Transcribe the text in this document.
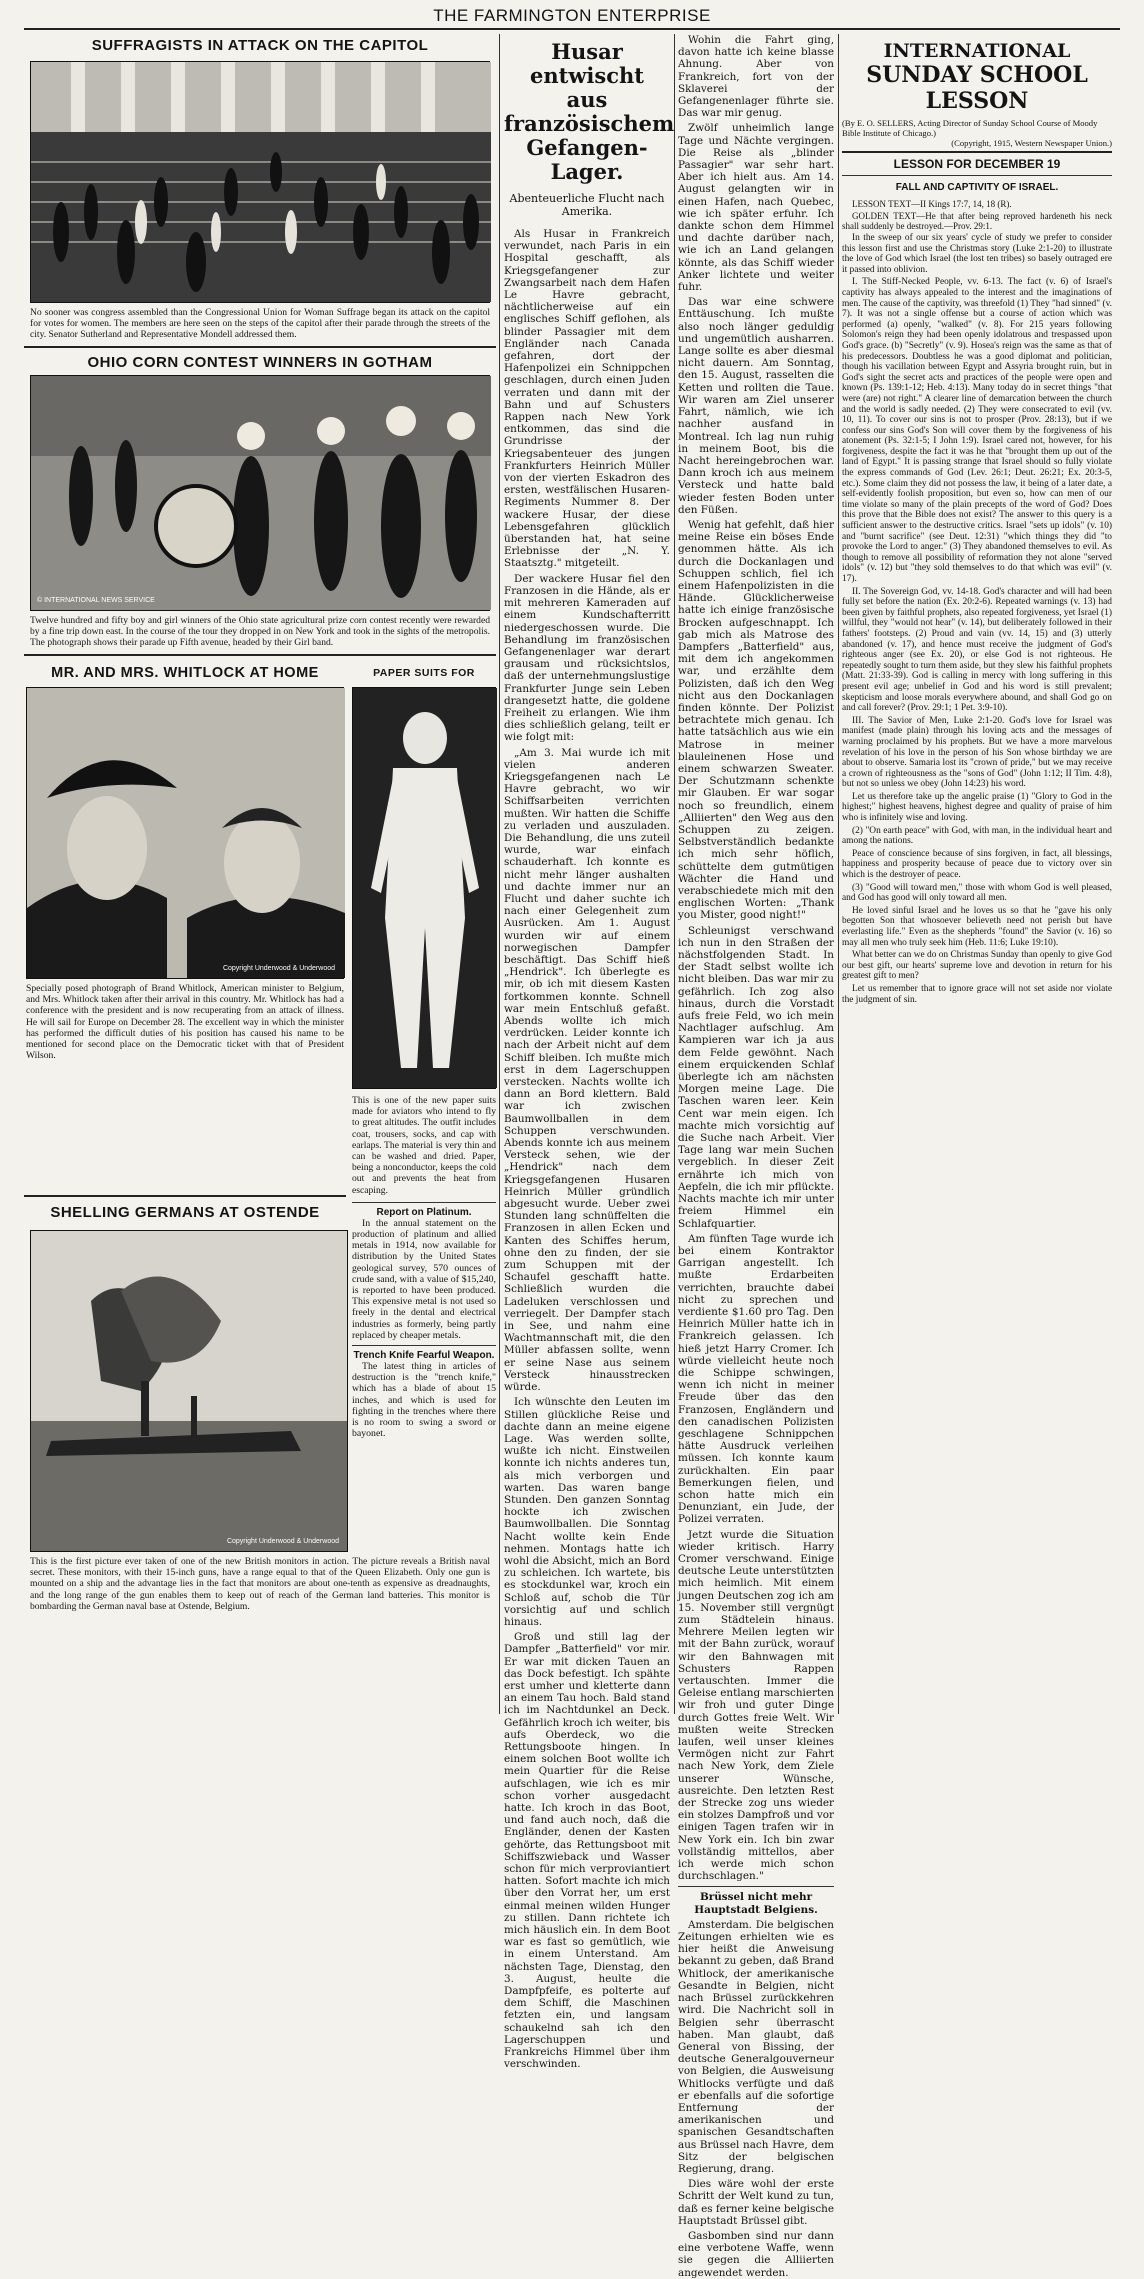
THE FARMINGTON ENTERPRISE
SUFFRAGISTS IN ATTACK ON THE CAPITOL
No sooner was congress assembled than the Congressional Union for Woman Suffrage began its attack on the capitol for votes for women. The members are here seen on the steps of the capitol after their parade through the streets of the city. Senator Sutherland and Representative Mondell addressed them.
OHIO CORN CONTEST WINNERS IN GOTHAM
© INTERNATIONAL NEWS SERVICE
Twelve hundred and fifty boy and girl winners of the Ohio state agricultural prize corn contest recently were rewarded by a fine trip down east. In the course of the tour they dropped in on New York and took in the sights of the metropolis. The photograph shows their parade up Fifth avenue, headed by their Girl band.
MR. AND MRS. WHITLOCK AT HOME
Copyright Underwood & Underwood
Specially posed photograph of Brand Whitlock, American minister to Belgium, and Mrs. Whitlock taken after their arrival in this country. Mr. Whitlock has had a conference with the president and is now recuperating from an attack of illness. He will sail for Europe on December 28. The excellent way in which the minister has performed the difficult duties of his position has caused his name to be mentioned for second place on the Democratic ticket with that of President Wilson.
PAPER SUITS FOR
This is one of the new paper suits made for aviators who intend to fly to great altitudes. The outfit includes coat, trousers, socks, and cap with earlaps. The material is very thin and can be washed and dried. Paper, being a nonconductor, keeps the cold out and prevents the heat from escaping.
Report on Platinum.
In the annual statement on the production of platinum and allied metals in 1914, now available for distribution by the United States geological survey, 570 ounces of crude sand, with a value of $15,240, is reported to have been produced. This expensive metal is not used so freely in the dental and electrical industries as formerly, being partly replaced by cheaper metals.
Trench Knife Fearful Weapon.
The latest thing in articles of destruction is the "trench knife," which has a blade of about 15 inches, and which is used for fighting in the trenches where there is no room to swing a sword or bayonet.
SHELLING GERMANS AT OSTENDE
Copyright Underwood & Underwood
This is the first picture ever taken of one of the new British monitors in action. The picture reveals a British naval secret. These monitors, with their 15-inch guns, have a range equal to that of the Queen Elizabeth. Only one gun is mounted on a ship and the advantage lies in the fact that monitors are about one-tenth as expensive as dreadnaughts, and the long range of the gun enables them to keep out of reach of the German land batteries. This monitor is bombarding the German naval base at Ostende, Belgium.
Husar entwischt
aus französischem
Gefangen-Lager.
Abenteuerliche Flucht nach Amerika.

Als Husar in Frankreich verwundet, nach Paris in ein Hospital geschafft, als Kriegsgefangener zur Zwangsarbeit nach dem Hafen Le Havre gebracht, nächtlicherweise auf ein englisches Schiff geflohen, als blinder Passagier mit dem Engländer nach Canada gefahren, dort der Hafenpolizei ein Schnippchen geschlagen, durch einen Juden verraten und dann mit der Bahn und auf Schusters Rappen nach New York entkommen, das sind die Grundrisse der Kriegsabenteuer des jungen Frankfurters Heinrich Müller von der vierten Eskadron des ersten, westfälischen Husaren-Regiments Nummer 8. Der wackere Husar, der diese Lebensgefahren glücklich überstanden hat, hat seine Erlebnisse der „N. Y. Staatsztg." mitgeteilt.

Der wackere Husar fiel den Franzosen in die Hände, als er mit mehreren Kameraden auf einem Kundschafterritt niedergeschossen wurde. Die Behandlung im französischen Gefangenenlager war derart grausam und rücksichtslos, daß der unternehmungslustige Frankfurter Junge sein Leben drangesetzt hatte, die goldene Freiheit zu erlangen. Wie ihm dies schließlich gelang, teilt er wie folgt mit:

„Am 3. Mai wurde ich mit vielen anderen Kriegsgefangenen nach Le Havre gebracht, wo wir Schiffsarbeiten verrichten mußten. Wir hatten die Schiffe zu verladen und auszuladen. Die Behandlung, die uns zuteil wurde, war einfach schauderhaft. Ich konnte es nicht mehr länger aushalten und dachte immer nur an Flucht und daher suchte ich nach einer Gelegenheit zum Ausrücken. Am 1. August wurden wir auf einem norwegischen Dampfer beschäftigt. Das Schiff hieß „Hendrick". Ich überlegte es mir, ob ich mit diesem Kasten fortkommen konnte. Schnell war mein Entschluß gefaßt. Abends wollte ich mich verdrücken. Leider konnte ich nach der Arbeit nicht auf dem Schiff bleiben. Ich mußte mich erst in dem Lagerschuppen verstecken. Nachts wollte ich dann an Bord klettern. Bald war ich zwischen Baumwollballen in dem Schuppen verschwunden. Abends konnte ich aus meinem Versteck sehen, wie der „Hendrick" nach dem Kriegsgefangenen Husaren Heinrich Müller gründlich abgesucht wurde. Ueber zwei Stunden lang schnüffelten die Franzosen in allen Ecken und Kanten des Schiffes herum, ohne den zu finden, der sie zum Schuppen mit der Schaufel geschafft hatte. Schließlich wurden die Ladeluken verschlossen und verriegelt. Der Dampfer stach in See, und nahm eine Wachtmannschaft mit, die den Müller abfassen sollte, wenn er seine Nase aus seinem Versteck hinausstrecken würde.

Ich wünschte den Leuten im Stillen glückliche Reise und dachte dann an meine eigene Lage. Was werden sollte, wußte ich nicht. Einstweilen konnte ich nichts anderes tun, als mich verborgen und warten. Das waren bange Stunden. Den ganzen Sonntag hockte ich zwischen Baumwollballen. Die Sonntag Nacht wollte kein Ende nehmen. Montags hatte ich wohl die Absicht, mich an Bord zu schleichen. Ich wartete, bis es stockdunkel war, kroch ein Schloß auf, schob die Tür vorsichtig auf und schlich hinaus.

Groß und still lag der Dampfer „Batterfield" vor mir. Er war mit dicken Tauen an das Dock befestigt. Ich spähte erst umher und kletterte dann an einem Tau hoch. Bald stand ich im Nachtdunkel an Deck. Gefährlich kroch ich weiter, bis aufs Oberdeck, wo die Rettungsboote hingen. In einem solchen Boot wollte ich mein Quartier für die Reise aufschlagen, wie ich es mir schon vorher ausgedacht hatte. Ich kroch in das Boot, und fand auch noch, daß die Engländer, denen der Kasten gehörte, das Rettungsboot mit Schiffszwieback und Wasser schon für mich verproviantiert hatten. Sofort machte ich mich über den Vorrat her, um erst einmal meinen wilden Hunger zu stillen. Dann richtete ich mich häuslich ein. In dem Boot war es fast so gemütlich, wie in einem Unterstand. Am nächsten Tage, Dienstag, den 3. August, heulte die Dampfpfeife, es polterte auf dem Schiff, die Maschinen fetzten ein, und langsam schaukelnd sah ich den Lagerschuppen und Frankreichs Himmel über ihm verschwinden.

Wohin die Fahrt ging, davon hatte ich keine blasse Ahnung. Aber von Frankreich, fort von der Sklaverei der Gefangenenlager führte sie. Das war mir genug.

Zwölf unheimlich lange Tage und Nächte vergingen. Die Reise als „blinder Passagier" war sehr hart. Aber ich hielt aus. Am 14. August gelangten wir in einen Hafen, nach Quebec, wie ich später erfuhr. Ich dankte schon dem Himmel und dachte darüber nach, wie ich an Land gelangen könnte, als das Schiff wieder Anker lichtete und weiter fuhr.

Das war eine schwere Enttäuschung. Ich mußte also noch länger geduldig und ungemütlich ausharren. Lange sollte es aber diesmal nicht dauern. Am Sonntag, den 15. August, rasselten die Ketten und rollten die Taue. Wir waren am Ziel unserer Fahrt, nämlich, wie ich nachher ausfand in Montreal. Ich lag nun ruhig in meinem Boot, bis die Nacht hereingebrochen war. Dann kroch ich aus meinem Versteck und hatte bald wieder festen Boden unter den Füßen.

Wenig hat gefehlt, daß hier meine Reise ein böses Ende genommen hätte. Als ich durch die Dockanlagen und Schuppen schlich, fiel ich einem Hafenpolizisten in die Hände. Glücklicherweise hatte ich einige französische Brocken aufgeschnappt. Ich gab mich als Matrose des Dampfers „Batterfield" aus, mit dem ich angekommen war, und erzählte dem Polizisten, daß ich den Weg nicht aus den Dockanlagen finden könnte. Der Polizist betrachtete mich genau. Ich hatte tatsächlich aus wie ein Matrose in meiner blauleinenen Hose und einem schwarzen Sweater. Der Schutzmann schenkte mir Glauben. Er war sogar noch so freundlich, einem „Alliierten" den Weg aus den Schuppen zu zeigen. Selbstverständlich bedankte ich mich sehr höflich, schüttelte dem gutmütigen Wächter die Hand und verabschiedete mich mit den englischen Worten: „Thank you Mister, good night!"

Schleunigst verschwand ich nun in den Straßen der nächstfolgenden Stadt. In der Stadt selbst wollte ich nicht bleiben. Das war mir zu gefährlich. Ich zog also hinaus, durch die Vorstadt aufs freie Feld, wo ich mein Nachtlager aufschlug. Am Kampieren war ich ja aus dem Felde gewöhnt. Nach einem erquickenden Schlaf überlegte ich am nächsten Morgen meine Lage. Die Taschen waren leer. Kein Cent war mein eigen. Ich machte mich vorsichtig auf die Suche nach Arbeit. Vier Tage lang war mein Suchen vergeblich. In dieser Zeit ernährte ich mich von Aepfeln, die ich mir pflückte. Nachts machte ich mir unter freiem Himmel ein Schlafquartier.

Am fünften Tage wurde ich bei einem Kontraktor Garrigan angestellt. Ich mußte Erdarbeiten verrichten, brauchte dabei nicht zu sprechen und verdiente $1.60 pro Tag. Den Heinrich Müller hatte ich in Frankreich gelassen. Ich hieß jetzt Harry Cromer. Ich würde vielleicht heute noch die Schippe schwingen, wenn ich nicht in meiner Freude über das den Franzosen, Engländern und den canadischen Polizisten geschlagene Schnippchen hätte Ausdruck verleihen müssen. Ich konnte kaum zurückhalten. Ein paar Bemerkungen fielen, und schon hatte mich ein Denunziant, ein Jude, der Polizei verraten.

Jetzt wurde die Situation wieder kritisch. Harry Cromer verschwand. Einige deutsche Leute unterstützten mich heimlich. Mit einem jungen Deutschen zog ich am 15. November still vergnügt zum Städtelein hinaus. Mehrere Meilen legten wir mit der Bahn zurück, worauf wir den Bahnwagen mit Schusters Rappen vertauschten. Immer die Geleise entlang marschierten wir froh und guter Dinge durch Gottes freie Welt. Wir mußten weite Strecken laufen, weil unser kleines Vermögen nicht zur Fahrt nach New York, dem Ziele unserer Wünsche, ausreichte. Den letzten Rest der Strecke zog uns wieder ein stolzes Dampfroß und vor einigen Tagen trafen wir in New York ein. Ich bin zwar vollständig mittellos, aber ich werde mich schon durchschlagen."

Brüssel nicht mehr Hauptstadt Belgiens.

Amsterdam. Die belgischen Zeitungen erhielten wie es hier heißt die Anweisung bekannt zu geben, daß Brand Whitlock, der amerikanische Gesandte in Belgien, nicht nach Brüssel zurückkehren wird. Die Nachricht soll in Belgien sehr überrascht haben. Man glaubt, daß General von Bissing, der deutsche Generalgouverneur von Belgien, die Ausweisung Whitlocks verfügte und daß er ebenfalls auf die sofortige Entfernung der amerikanischen und spanischen Gesandtschaften aus Brüssel nach Havre, dem Sitz der belgischen Regierung, drang.

Dies wäre wohl der erste Schritt der Welt kund zu tun, daß es ferner keine belgische Hauptstadt Brüssel gibt.

Gasbomben sind nur dann eine verbotene Waffe, wenn sie gegen die Alliierten angewendet werden.

INTERNATIONAL
SUNDAY SCHOOL
LESSON
(By E. O. SELLERS, Acting Director of Sunday School Course of Moody Bible Institute of Chicago.)
(Copyright, 1915, Western Newspaper Union.)
LESSON FOR DECEMBER 19
FALL AND CAPTIVITY OF ISRAEL.
LESSON TEXT—II Kings 17:7, 14, 18 (R).
GOLDEN TEXT—He that after being reproved hardeneth his neck shall suddenly be destroyed.—Prov. 29:1.

In the sweep of our six years' cycle of study we prefer to consider this lesson first and use the Christmas story (Luke 2:1-20) to illustrate the love of God which Israel (the lost ten tribes) so basely outraged ere it passed into oblivion.

I. The Stiff-Necked People, vv. 6-13. The fact (v. 6) of Israel's captivity has always appealed to the interest and the imaginations of men. The cause of the captivity, was threefold (1) They "had sinned" (v. 7). It was not a single offense but a course of action which was performed (a) openly, "walked" (v. 8). For 215 years following Solomon's reign they had been openly idolatrous and trespassed upon God's grace. (b) "Secretly" (v. 9). Hosea's reign was the same as that of his predecessors. Doubtless he was a good diplomat and politician, though his vacillation between Egypt and Assyria brought ruin, but in God's sight the secret acts and practices of the people were open and known (Ps. 139:1-12; Heb. 4:13). Many today do in secret things "that were (are) not right." A clearer line of demarcation between the church and the world is sadly needed. (2) They were consecrated to evil (vv. 10, 11). To cover our sins is not to prosper (Prov. 28:13), but if we confess our sins God's Son will cover them by the forgiveness of his atonement (Ps. 32:1-5; I John 1:9). Israel cared not, however, for his forgiveness, despite the fact it was he that "brought them up out of the land of Egypt." It is passing strange that Israel should so fully violate the express commands of God (Lev. 26:1; Deut. 26:21; Ex. 20:3-5, etc.). Some claim they did not possess the law, it being of a later date, a self-evidently foolish proposition, but even so, how can men of our time violate so many of the plain precepts of the word of God? Does this prove that the Bible does not exist? The answer to this query is a sufficient answer to the destructive critics. Israel "sets up idols" (v. 10) and "burnt sacrifice" (see Deut. 12:31) "which things they did "to provoke the Lord to anger." (3) They abandoned themselves to evil. As though to remove all possibility of reformation they not alone "served idols" (v. 12) but "they sold themselves to do that which was evil" (v. 17).

II. The Sovereign God, vv. 14-18. God's character and will had been fully set before the nation (Ex. 20:2-6). Repeated warnings (v. 13) had been given by faithful prophets, also repeated forgiveness, yet Israel (1) willful, they "would not hear" (v. 14), but deliberately followed in their fathers' footsteps. (2) Proud and vain (vv. 14, 15) and (3) utterly abandoned (v. 17), and hence must receive the judgment of God's righteous anger (see Ex. 20), or else God is not righteous. He repeatedly sought to turn them aside, but they slew his faithful prophets (Matt. 21:33-39). God is calling in mercy with long suffering in this present evil age; unbelief in God and his word is still prevalent; skepticism and loose morals everywhere abound, and shall God go on and call forever? (Prov. 29:1; 1 Pet. 3:9-10).

III. The Savior of Men, Luke 2:1-20. God's love for Israel was manifest (made plain) through his loving acts and the messages of warning proclaimed by his prophets. But we have a more marvelous revelation of his love in the person of his Son whose birthday we are about to observe. Samaria lost its "crown of pride," but we may receive a crown of righteousness as the "sons of God" (John 1:12; II Tim. 4:8), but not so unless we obey (John 14:23) his word.

Let us therefore take up the angelic praise (1) "Glory to God in the highest;" highest heavens, highest degree and quality of praise of him who is infinitely wise and loving.

(2) "On earth peace" with God, with man, in the individual heart and among the nations.

Peace of conscience because of sins forgiven, in fact, all blessings, happiness and prosperity because of peace due to victory over sin which is the destroyer of peace.

(3) "Good will toward men," those with whom God is well pleased, and God has good will only toward all men.

He loved sinful Israel and he loves us so that he "gave his only begotten Son that whosoever believeth need not perish but have everlasting life." Even as the shepherds "found" the Savior (v. 16) so may all men who truly seek him (Heb. 11:6; Luke 19:10).

What better can we do on Christmas Sunday than openly to give God our best gift, our hearts' supreme love and devotion in return for his greatest gift to men?

Let us remember that to ignore grace will not set aside nor violate the judgment of sin.
